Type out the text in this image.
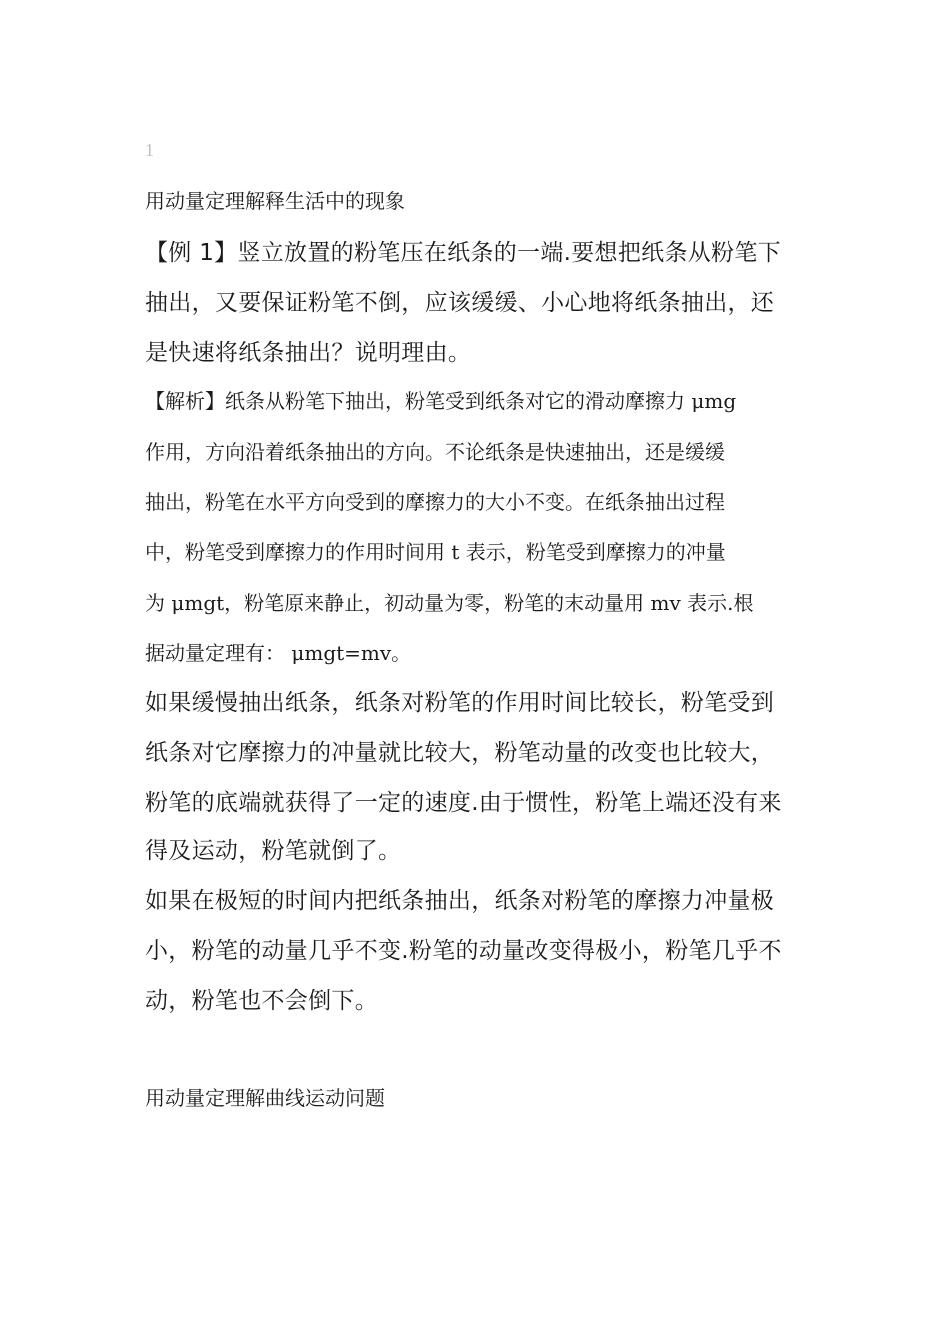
1
用动量定理解释生活中的现象
【例 1】竖立放置的粉笔压在纸条的一端.要想把纸条从粉笔下
抽出，又要保证粉笔不倒，应该缓缓、小心地将纸条抽出，还
是快速将纸条抽出？说明理由。
【解析】纸条从粉笔下抽出，粉笔受到纸条对它的滑动摩擦力 μmg
作用，方向沿着纸条抽出的方向。不论纸条是快速抽出，还是缓缓
抽出，粉笔在水平方向受到的摩擦力的大小不变。在纸条抽出过程
中，粉笔受到摩擦力的作用时间用 t 表示，粉笔受到摩擦力的冲量
为 μmgt，粉笔原来静止，初动量为零，粉笔的末动量用 mv 表示.根
据动量定理有： μmgt=mv。
如果缓慢抽出纸条，纸条对粉笔的作用时间比较长，粉笔受到
纸条对它摩擦力的冲量就比较大，粉笔动量的改变也比较大，
粉笔的底端就获得了一定的速度.由于惯性，粉笔上端还没有来
得及运动，粉笔就倒了。
如果在极短的时间内把纸条抽出，纸条对粉笔的摩擦力冲量极
小，粉笔的动量几乎不变.粉笔的动量改变得极小，粉笔几乎不
动，粉笔也不会倒下。
用动量定理解曲线运动问题
